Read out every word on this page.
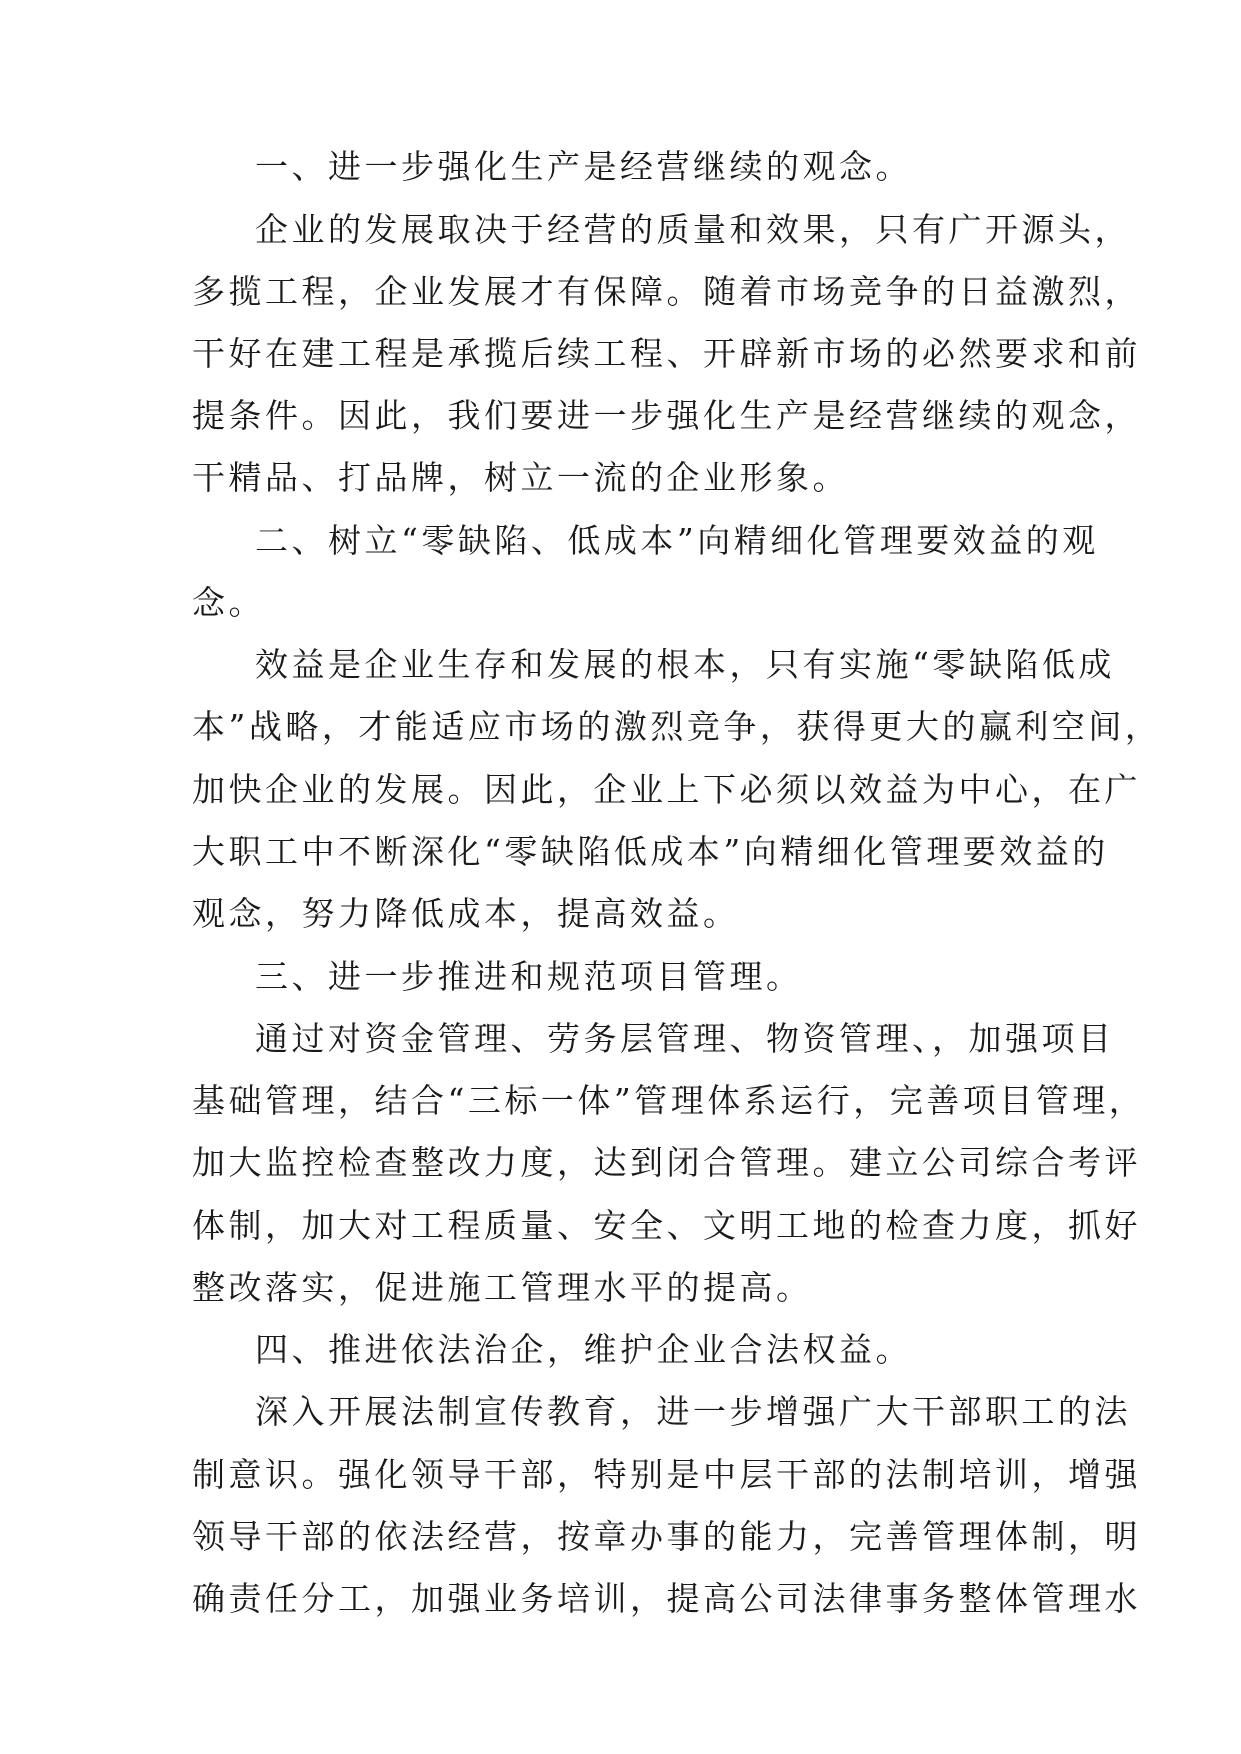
一、进一步强化生产是经营继续的观念。

企业的发展取决于经营的质量和效果，只有广开源头，

多揽工程，企业发展才有保障。随着市场竞争的日益激烈，

干好在建工程是承揽后续工程、开辟新市场的必然要求和前

提条件。因此，我们要进一步强化生产是经营继续的观念，

干精品、打品牌，树立一流的企业形象。

二、树立“零缺陷、低成本”向精细化管理要效益的观

念。

效益是企业生存和发展的根本，只有实施“零缺陷低成

本”战略，才能适应市场的激烈竞争，获得更大的赢利空间，

加快企业的发展。因此，企业上下必须以效益为中心，在广

大职工中不断深化“零缺陷低成本”向精细化管理要效益的

观念，努力降低成本，提高效益。

三、进一步推进和规范项目管理。

通过对资金管理、劳务层管理、物资管理、，加强项目

基础管理，结合“三标一体”管理体系运行，完善项目管理，

加大监控检查整改力度，达到闭合管理。建立公司综合考评

体制，加大对工程质量、安全、文明工地的检查力度，抓好

整改落实，促进施工管理水平的提高。

四、推进依法治企，维护企业合法权益。

深入开展法制宣传教育，进一步增强广大干部职工的法

制意识。强化领导干部，特别是中层干部的法制培训，增强

领导干部的依法经营，按章办事的能力，完善管理体制，明

确责任分工，加强业务培训，提高公司法律事务整体管理水
